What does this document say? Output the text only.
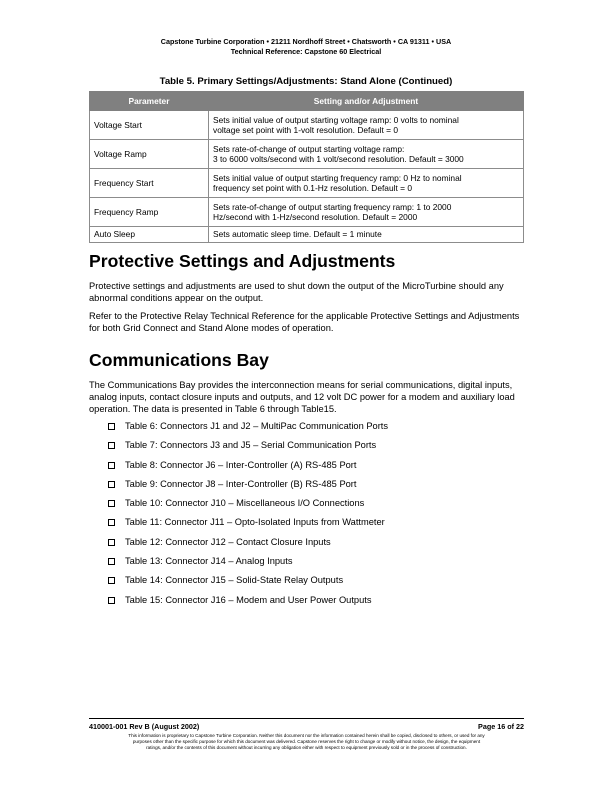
Capstone Turbine Corporation • 21211 Nordhoff Street • Chatsworth • CA 91311 • USA
Technical Reference: Capstone 60 Electrical
Table 5. Primary Settings/Adjustments: Stand Alone (Continued)
Parameter	Setting and/or Adjustment
Voltage Start	Sets initial value of output starting voltage ramp: 0 volts to nominal
voltage set point with 1-volt resolution. Default = 0

Voltage Ramp	Sets rate-of-change of output starting voltage ramp:
3 to 6000 volts/second with 1 volt/second resolution. Default = 3000

Frequency Start	Sets initial value of output starting frequency ramp: 0 Hz to nominal
frequency set point with 0.1-Hz resolution. Default = 0

Frequency Ramp	Sets rate-of-change of output starting frequency ramp: 1 to 2000
Hz/second with 1-Hz/second resolution. Default = 2000

Auto Sleep	Sets automatic sleep time. Default = 1 minute
Protective Settings and Adjustments

Protective settings and adjustments are used to shut down the output of the MicroTurbine should any abnormal conditions appear on the output.

Refer to the Protective Relay Technical Reference for the applicable Protective Settings and Adjustments for both Grid Connect and Stand Alone modes of operation.

Communications Bay

The Communications Bay provides the interconnection means for serial communications, digital inputs, analog inputs, contact closure inputs and outputs, and 12 volt DC power for a modem and auxiliary load operation. The data is presented in Table 6 through Table15.

Table 6: Connectors J1 and J2 – MultiPac Communication Ports
Table 7: Connectors J3 and J5 – Serial Communication Ports
Table 8: Connector J6 – Inter-Controller (A) RS-485 Port
Table 9: Connector J8 – Inter-Controller (B) RS-485 Port
Table 10: Connector J10 – Miscellaneous I/O Connections
Table 11: Connector J11 – Opto-Isolated Inputs from Wattmeter
Table 12: Connector J12 – Contact Closure Inputs
Table 13: Connector J14 – Analog Inputs
Table 14: Connector J15 – Solid-State Relay Outputs
Table 15: Connector J16 – Modem and User Power Outputs
410001-001 Rev B (August 2002)	Page 16 of 22
This information is proprietary to Capstone Turbine Corporation. Neither this document nor the information contained herein shall be copied, disclosed to others, or used for any
purposes other than the specific purpose for which this document was delivered. Capstone reserves the right to change or modify without notice, the design, the equipment
ratings, and/or the contents of this document without incurring any obligation either with respect to equipment previously sold or in the process of construction.
